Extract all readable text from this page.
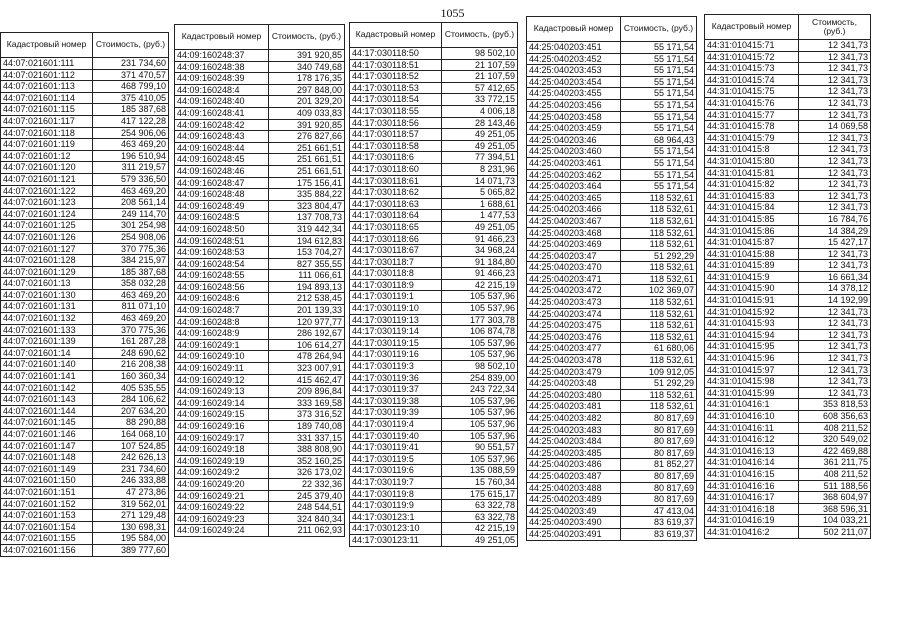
1055
Кадастровый номер	Стоимость, (руб.)
44:07:021601:111	231 734,60
44:07:021601:112	371 470,57
44:07:021601:113	468 799,10
44:07:021601:114	375 410,05
44:07:021601:115	185 387,68
44:07:021601:117	417 122,28
44:07:021601:118	254 906,06
44:07:021601:119	463 469,20
44:07:021601:12	196 510,94
44:07:021601:120	311 219,57
44:07:021601:121	579 336,50
44:07:021601:122	463 469,20
44:07:021601:123	208 561,14
44:07:021601:124	249 114,70
44:07:021601:125	301 254,98
44:07:021601:126	254 908,06
44:07:021601:127	370 775,36
44:07:021601:128	384 215,97
44:07:021601:129	185 387,68
44:07:021601:13	358 032,28
44:07:021601:130	463 469,20
44:07:021601:131	811 071,10
44:07:021601:132	463 469,20
44:07:021601:133	370 775,36
44:07:021601:139	161 287,28
44:07:021601:14	248 690,62
44:07:021601:140	216 208,38
44:07:021601:141	160 360,34
44:07:021601:142	405 535,55
44:07:021601:143	284 106,62
44:07:021601:144	207 634,20
44:07:021601:145	88 290,88
44:07:021601:146	164 068,10
44:07:021601:147	107 524,85
44:07:021601:148	242 626,13
44:07:021601:149	231 734,60
44:07:021601:150	246 333,88
44:07:021601:151	47 273,86
44:07:021601:152	319 562,01
44:07:021601:153	271 129,48
44:07:021601:154	130 698,31
44:07:021601:155	195 584,00
44:07:021601:156	389 777,60
Кадастровый номер	Стоимость, (руб.)
44:09:160248:37	391 920,85
44:09:160248:38	340 749,68
44:09:160248:39	178 176,35
44:09:160248:4	297 848,00
44:09:160248:40	201 329,20
44:09:160248:41	409 033,83
44:09:160248:42	391 920,85
44:09:160248:43	276 827,66
44:09:160248:44	251 661,51
44:09:160248:45	251 661,51
44:09:160248:46	251 661,51
44:09:160248:47	175 156,41
44:09:160248:48	335 884,22
44:09:160248:49	323 804,47
44:09:160248:5	137 708,73
44:09:160248:50	319 442,34
44:09:160248:51	194 612,83
44:09:160248:53	153 704,27
44:09:160248:54	827 355,55
44:09:160248:55	111 066,61
44:09:160248:56	194 893,13
44:09:160248:6	212 538,45
44:09:160248:7	201 139,33
44:09:160248:8	120 977,77
44:09:160248:9	286 192,67
44:09:160249:1	106 614,27
44:09:160249:10	478 264,94
44:09:160249:11	323 007,91
44:09:160249:12	415 462,47
44:09:160249:13	209 896,84
44:09:160249:14	333 169,58
44:09:160249:15	373 316,52
44:09:160249:16	189 740,08
44:09:160249:17	331 337,15
44:09:160249:18	388 808,90
44:09:160249:19	352 160,25
44:09:160249:2	326 173,02
44:09:160249:20	22 332,36
44:09:160249:21	245 379,40
44:09:160249:22	248 544,51
44:09:160249:23	324 840,34
44:09:160249:24	211 062,93
Кадастровый номер	Стоимость, (руб.)
44:17:030118:50	98 502,10
44:17:030118:51	21 107,59
44:17:030118:52	21 107,59
44:17:030118:53	57 412,65
44:17:030118:54	33 772,15
44:17:030118:55	4 006,18
44:17:030118:56	28 143,46
44:17:030118:57	49 251,05
44:17:030118:58	49 251,05
44:17:030118:6	77 394,51
44:17:030118:60	8 231,96
44:17:030118:61	14 071,73
44:17:030118:62	5 065,82
44:17:030118:63	1 688,61
44:17:030118:64	1 477,53
44:17:030118:65	49 251,05
44:17:030118:66	91 466,23
44:17:030118:67	34 968,24
44:17:030118:7	91 184,80
44:17:030118:8	91 466,23
44:17:030118:9	42 215,19
44:17:030119:1	105 537,96
44:17:030119:10	105 537,96
44:17:030119:13	177 303,78
44:17:030119:14	106 874,78
44:17:030119:15	105 537,96
44:17:030119:16	105 537,96
44:17:030119:3	98 502,10
44:17:030119:36	254 839,00
44:17:030119:37	243 722,34
44:17:030119:38	105 537,96
44:17:030119:39	105 537,96
44:17:030119:4	105 537,96
44:17:030119:40	105 537,96
44:17:030119:41	90 551,57
44:17:030119:5	105 537,96
44:17:030119:6	135 088,59
44:17:030119:7	15 760,34
44:17:030119:8	175 615,17
44:17:030119:9	63 322,78
44:17:030123:1	63 322,78
44:17:030123:10	42 215,19
44:17:030123:11	49 251,05
Кадастровый номер	Стоимость, (руб.)
44:25:040203:451	55 171,54
44:25:040203:452	55 171,54
44:25:040203:453	55 171,54
44:25:040203:454	55 171,54
44:25:040203:455	55 171,54
44:25:040203:456	55 171,54
44:25:040203:458	55 171,54
44:25:040203:459	55 171,54
44:25:040203:46	68 964,43
44:25:040203:460	55 171,54
44:25:040203:461	55 171,54
44:25:040203:462	55 171,54
44:25:040203:464	55 171,54
44:25:040203:465	118 532,61
44:25:040203:466	118 532,61
44:25:040203:467	118 532,61
44:25:040203:468	118 532,61
44:25:040203:469	118 532,61
44:25:040203:47	51 292,29
44:25:040203:470	118 532,61
44:25:040203:471	118 532,61
44:25:040203:472	102 369,07
44:25:040203:473	118 532,61
44:25:040203:474	118 532,61
44:25:040203:475	118 532,61
44:25:040203:476	118 532,61
44:25:040203:477	61 680,06
44:25:040203:478	118 532,61
44:25:040203:479	109 912,05
44:25:040203:48	51 292,29
44:25:040203:480	118 532,61
44:25:040203:481	118 532,61
44:25:040203:482	80 817,69
44:25:040203:483	80 817,69
44:25:040203:484	80 817,69
44:25:040203:485	80 817,69
44:25:040203:486	81 852,27
44:25:040203:487	80 817,69
44:25:040203:488	80 817,69
44:25:040203:489	80 817,69
44:25:040203:49	47 413,04
44:25:040203:490	83 619,37
44:25:040203:491	83 619,37
Кадастровый номер	Стоимость, (руб.)
44:31:010415:71	12 341,73
44:31:010415:72	12 341,73
44:31:010415:73	12 341,73
44:31:010415:74	12 341,73
44:31:010415:75	12 341,73
44:31:010415:76	12 341,73
44:31:010415:77	12 341,73
44:31:010415:78	14 069,58
44:31:010415:79	12 341,73
44:31:010415:8	12 341,73
44:31:010415:80	12 341,73
44:31:010415:81	12 341,73
44:31:010415:82	12 341,73
44:31:010415:83	12 341,73
44:31:010415:84	12 341,73
44:31:010415:85	16 784,76
44:31:010415:86	14 384,29
44:31:010415:87	15 427,17
44:31:010415:88	12 341,73
44:31:010415:89	12 341,73
44:31:010415:9	16 661,34
44:31:010415:90	14 378,12
44:31:010415:91	14 192,99
44:31:010415:92	12 341,73
44:31:010415:93	12 341,73
44:31:010415:94	12 341,73
44:31:010415:95	12 341,73
44:31:010415:96	12 341,73
44:31:010415:97	12 341,73
44:31:010415:98	12 341,73
44:31:010415:99	12 341,73
44:31:010416:1	353 818,53
44:31:010416:10	608 356,63
44:31:010416:11	408 211,52
44:31:010416:12	320 549,02
44:31:010416:13	422 469,88
44:31:010416:14	361 211,75
44:31:010416:15	408 211,52
44:31:010416:16	511 188,56
44:31:010416:17	368 604,97
44:31:010416:18	368 596,31
44:31:010416:19	104 033,21
44:31:010416:2	502 211,07
